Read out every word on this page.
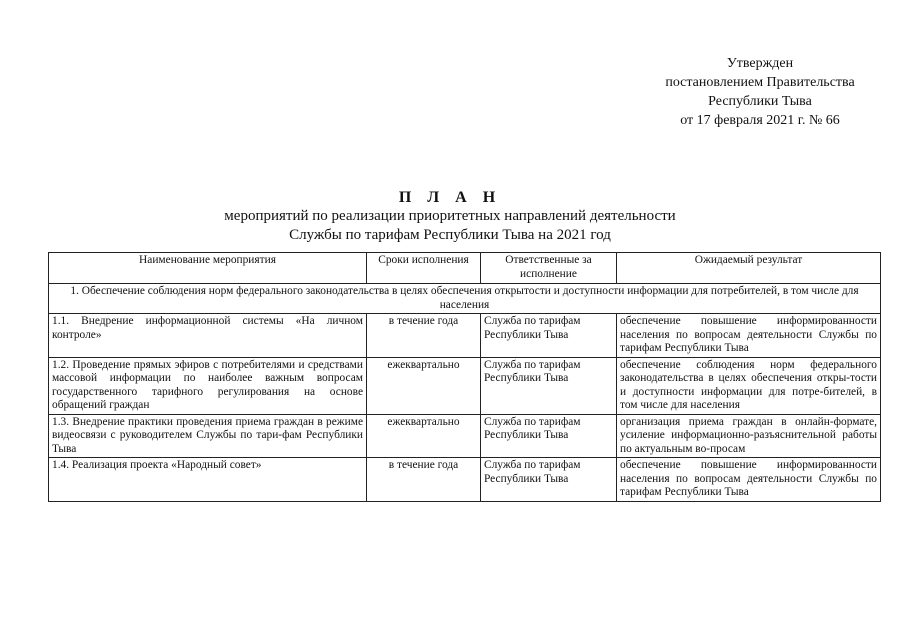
Утвержден
постановлением Правительства
Республики Тыва
от 17 февраля 2021 г. № 66
П Л А Н
мероприятий по реализации приоритетных направлений деятельности
Службы по тарифам Республики Тыва на 2021 год
Наименование мероприятия	Сроки исполнения	Ответственные за исполнение	Ожидаемый результат
1. Обеспечение соблюдения норм федерального законодательства в целях обеспечения открытости и доступности информации для потребителей, в том числе для населения			
1.1. Внедрение информационной системы «На личном контроле»	в течение года	Служба по тарифам Республики Тыва	обеспечение повышение информированности населения по вопросам деятельности Службы по тарифам Республики Тыва
1.2. Проведение прямых эфиров с потребителями и средствами массовой информации по наиболее важным вопросам государственного тарифного регулирования на основе обращений граждан	ежеквартально	Служба по тарифам Республики Тыва	обеспечение соблюдения норм федерального законодательства в целях обеспечения откры-тости и доступности информации для потре-бителей, в том числе для населения
1.3. Внедрение практики проведения приема граждан в режиме видеосвязи с руководителем Службы по тари-фам Республики Тыва	ежеквартально	Служба по тарифам Республики Тыва	организация приема граждан в онлайн-формате, усиление информационно-разъяснительной работы по актуальным во-просам
1.4. Реализация проекта «Народный совет»	в течение года	Служба по тарифам Республики Тыва	обеспечение повышение информированности населения по вопросам деятельности Службы по тарифам Республики Тыва
